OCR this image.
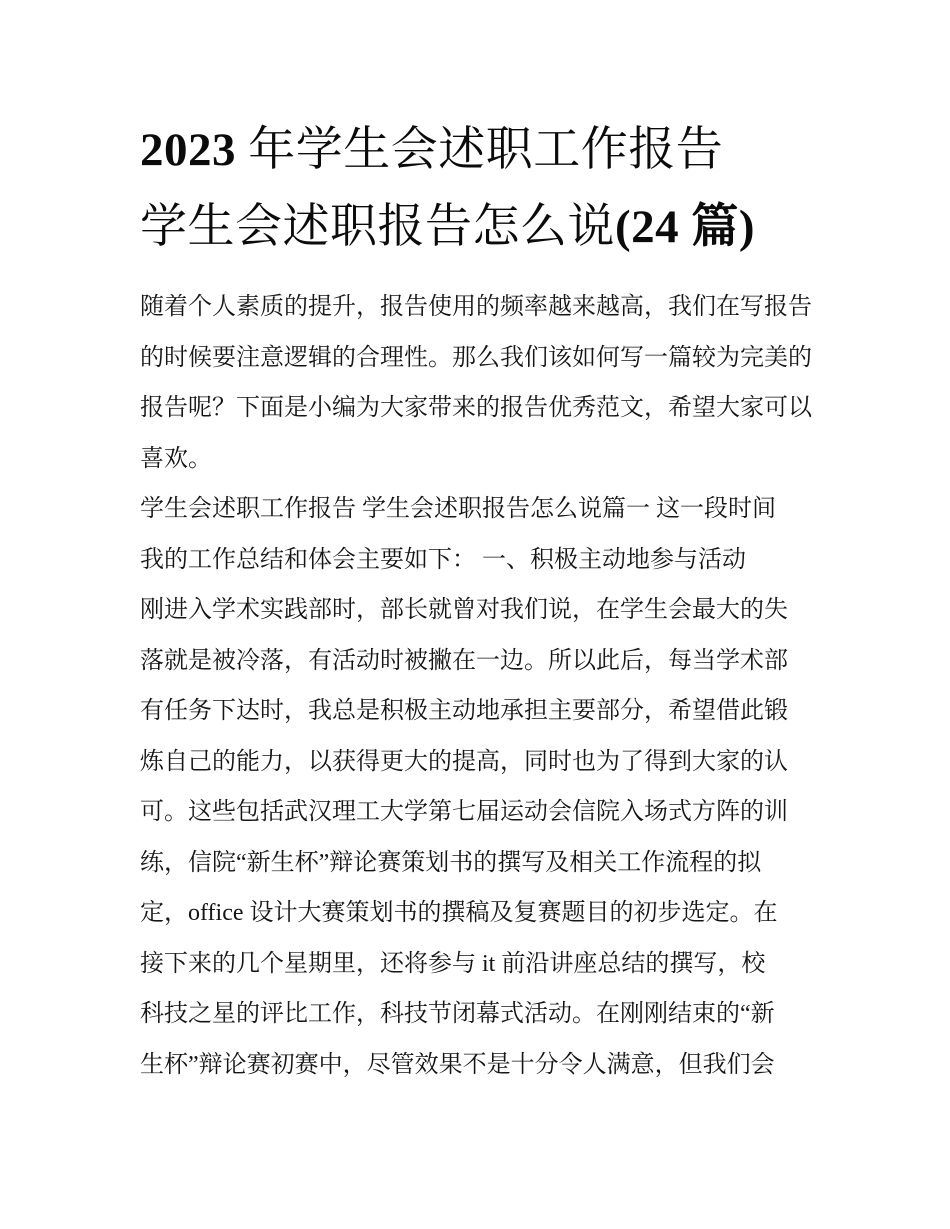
2023 年学生会述职工作报告
学生会述职报告怎么说(24 篇)

随着个人素质的提升，报告使用的频率越来越高，我们在写报告的时候要注意逻辑的合理性。那么我们该如何写一篇较为完美的报告呢？下面是小编为大家带来的报告优秀范文，希望大家可以喜欢。

学生会述职工作报告 学生会述职报告怎么说篇一 这一段时间
我的工作总结和体会主要如下： 一、积极主动地参与活动
刚进入学术实践部时，部长就曾对我们说，在学生会最大的失
落就是被冷落，有活动时被撇在一边。所以此后，每当学术部
有任务下达时，我总是积极主动地承担主要部分，希望借此锻
炼自己的能力，以获得更大的提高，同时也为了得到大家的认
可。这些包括武汉理工大学第七届运动会信院入场式方阵的训
练，信院“新生杯”辩论赛策划书的撰写及相关工作流程的拟
定，office 设计大赛策划书的撰稿及复赛题目的初步选定。在
接下来的几个星期里，还将参与 it 前沿讲座总结的撰写，校
科技之星的评比工作，科技节闭幕式活动。在刚刚结束的“新
生杯”辩论赛初赛中，尽管效果不是十分令人满意，但我们会
